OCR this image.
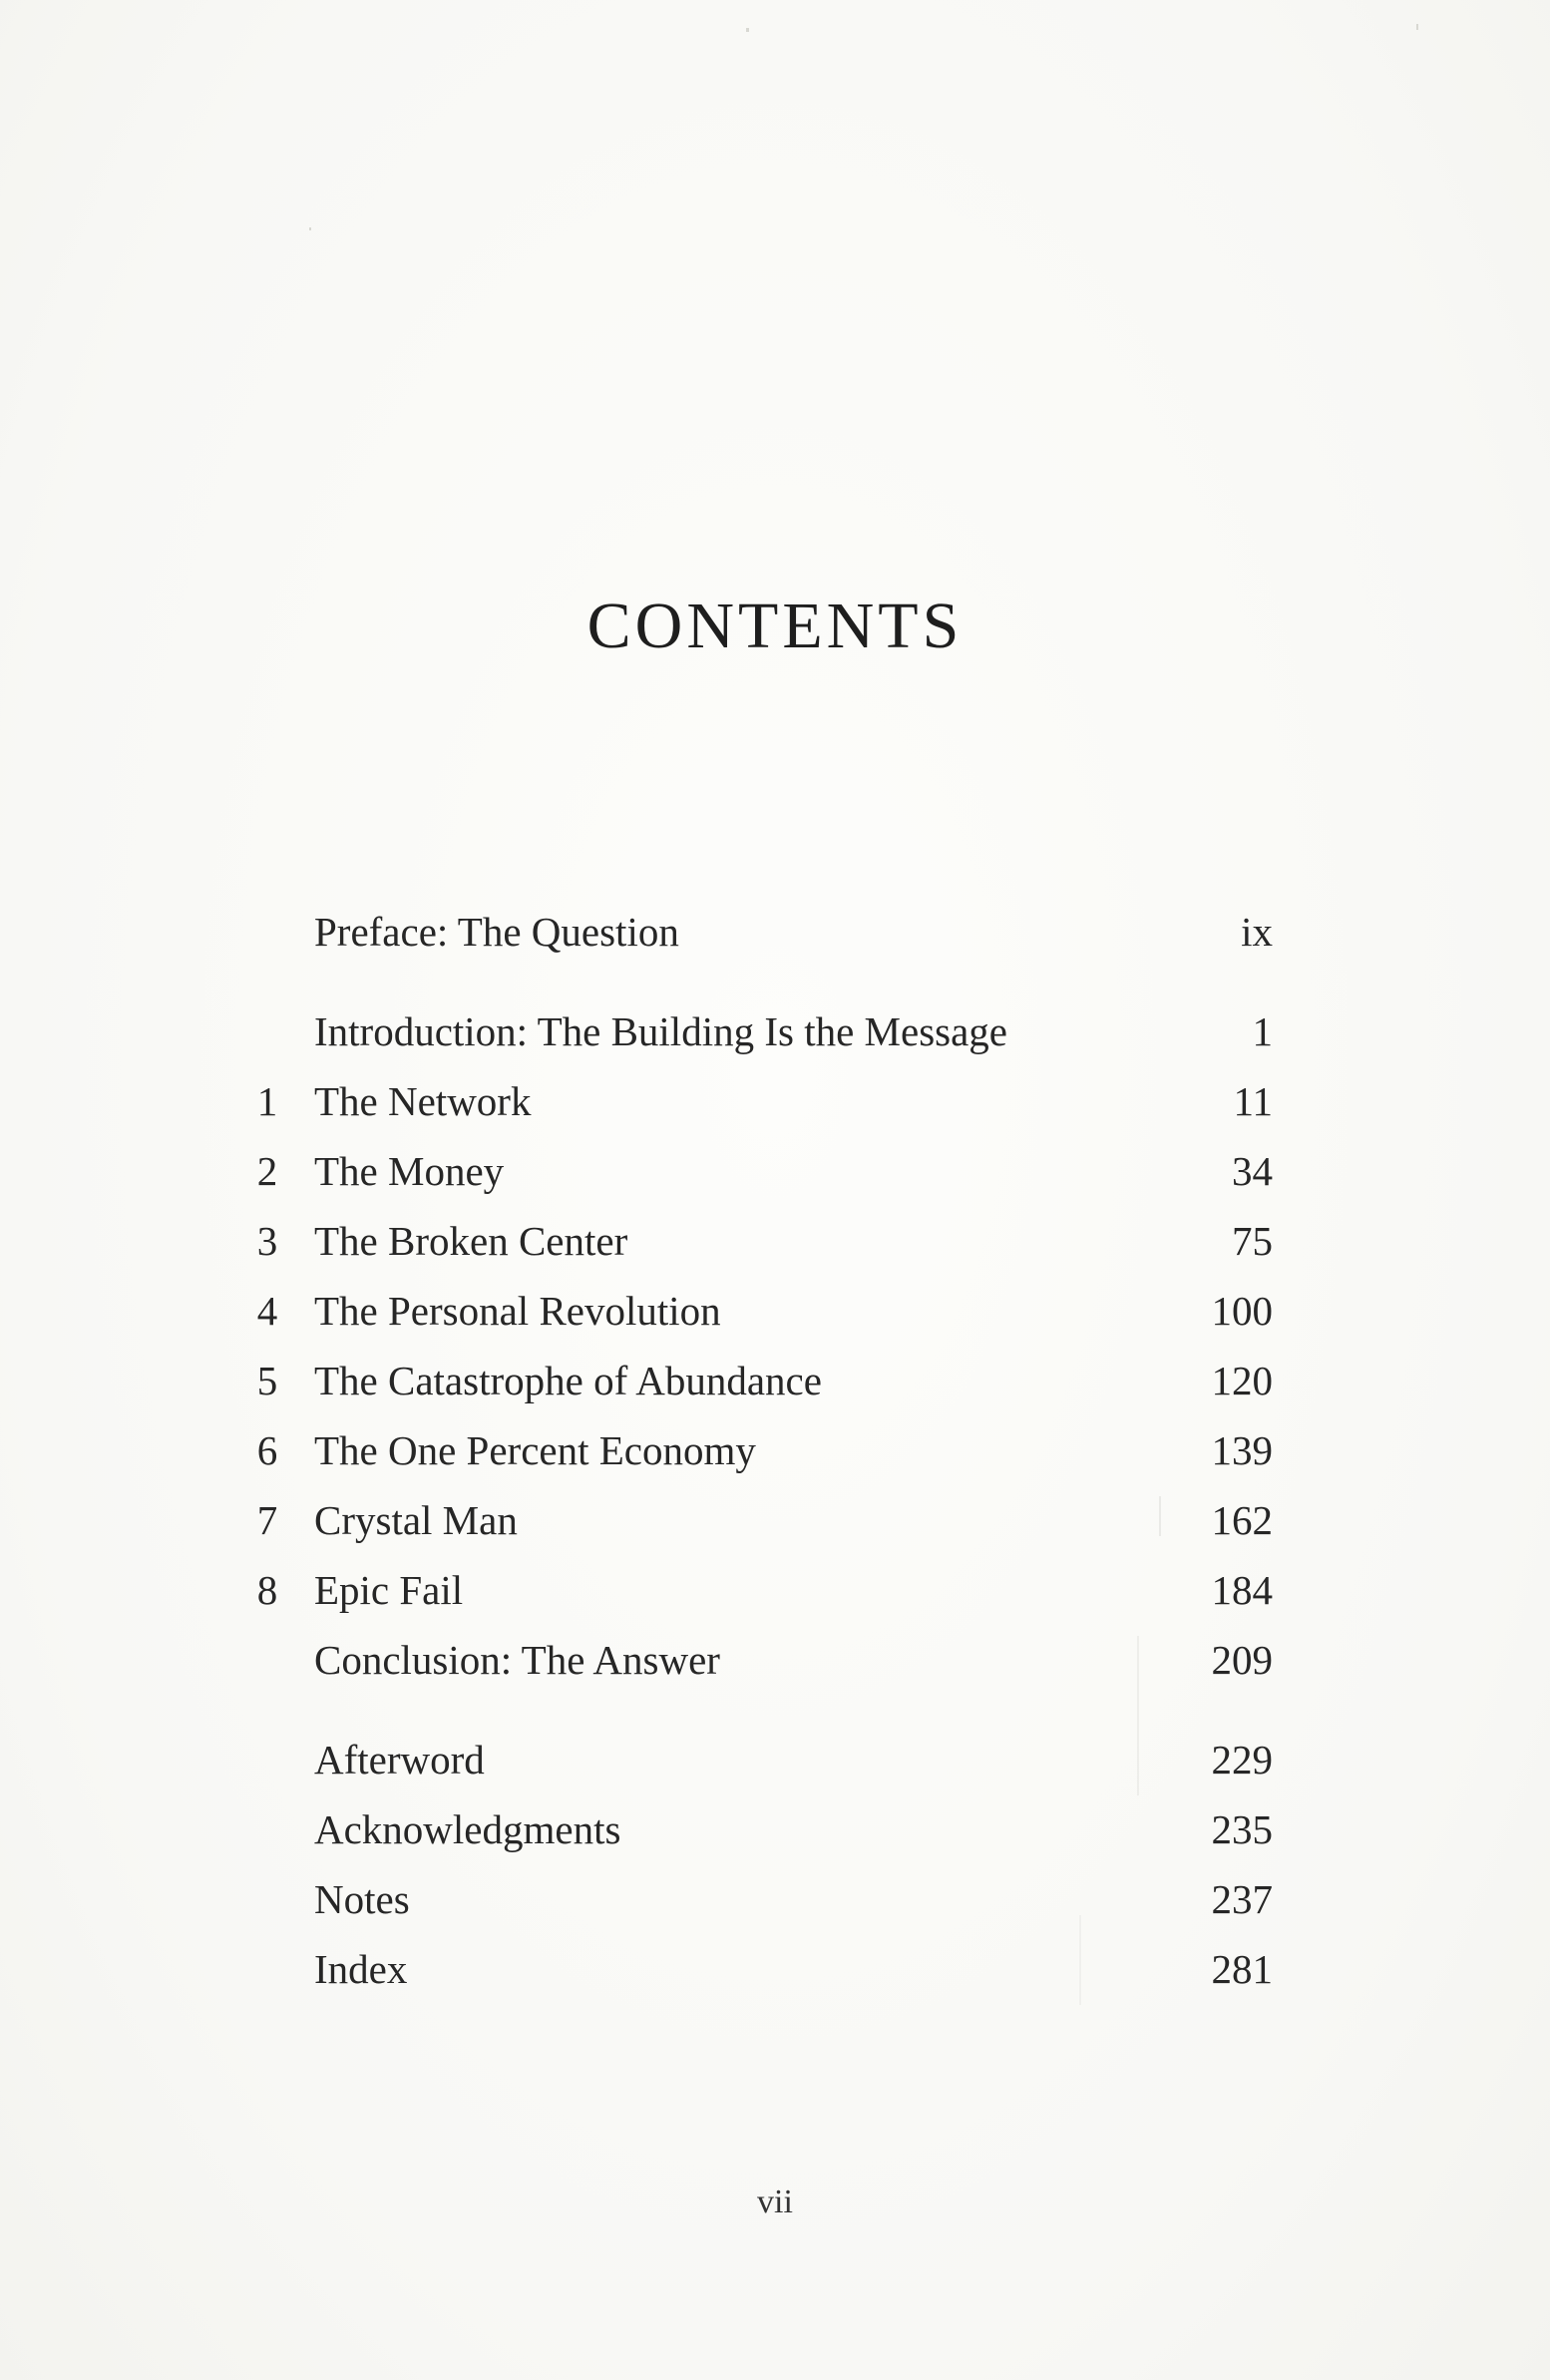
CONTENTS
Preface: The Question	ix
Introduction: The Building Is the Message	1
1 The Network	11
2 The Money	34
3 The Broken Center	75
4 The Personal Revolution	100
5 The Catastrophe of Abundance	120
6 The One Percent Economy	139
7 Crystal Man	162
8 Epic Fail	184
Conclusion: The Answer	209
Afterword	229
Acknowledgments	235
Notes	237
Index	281
vii
